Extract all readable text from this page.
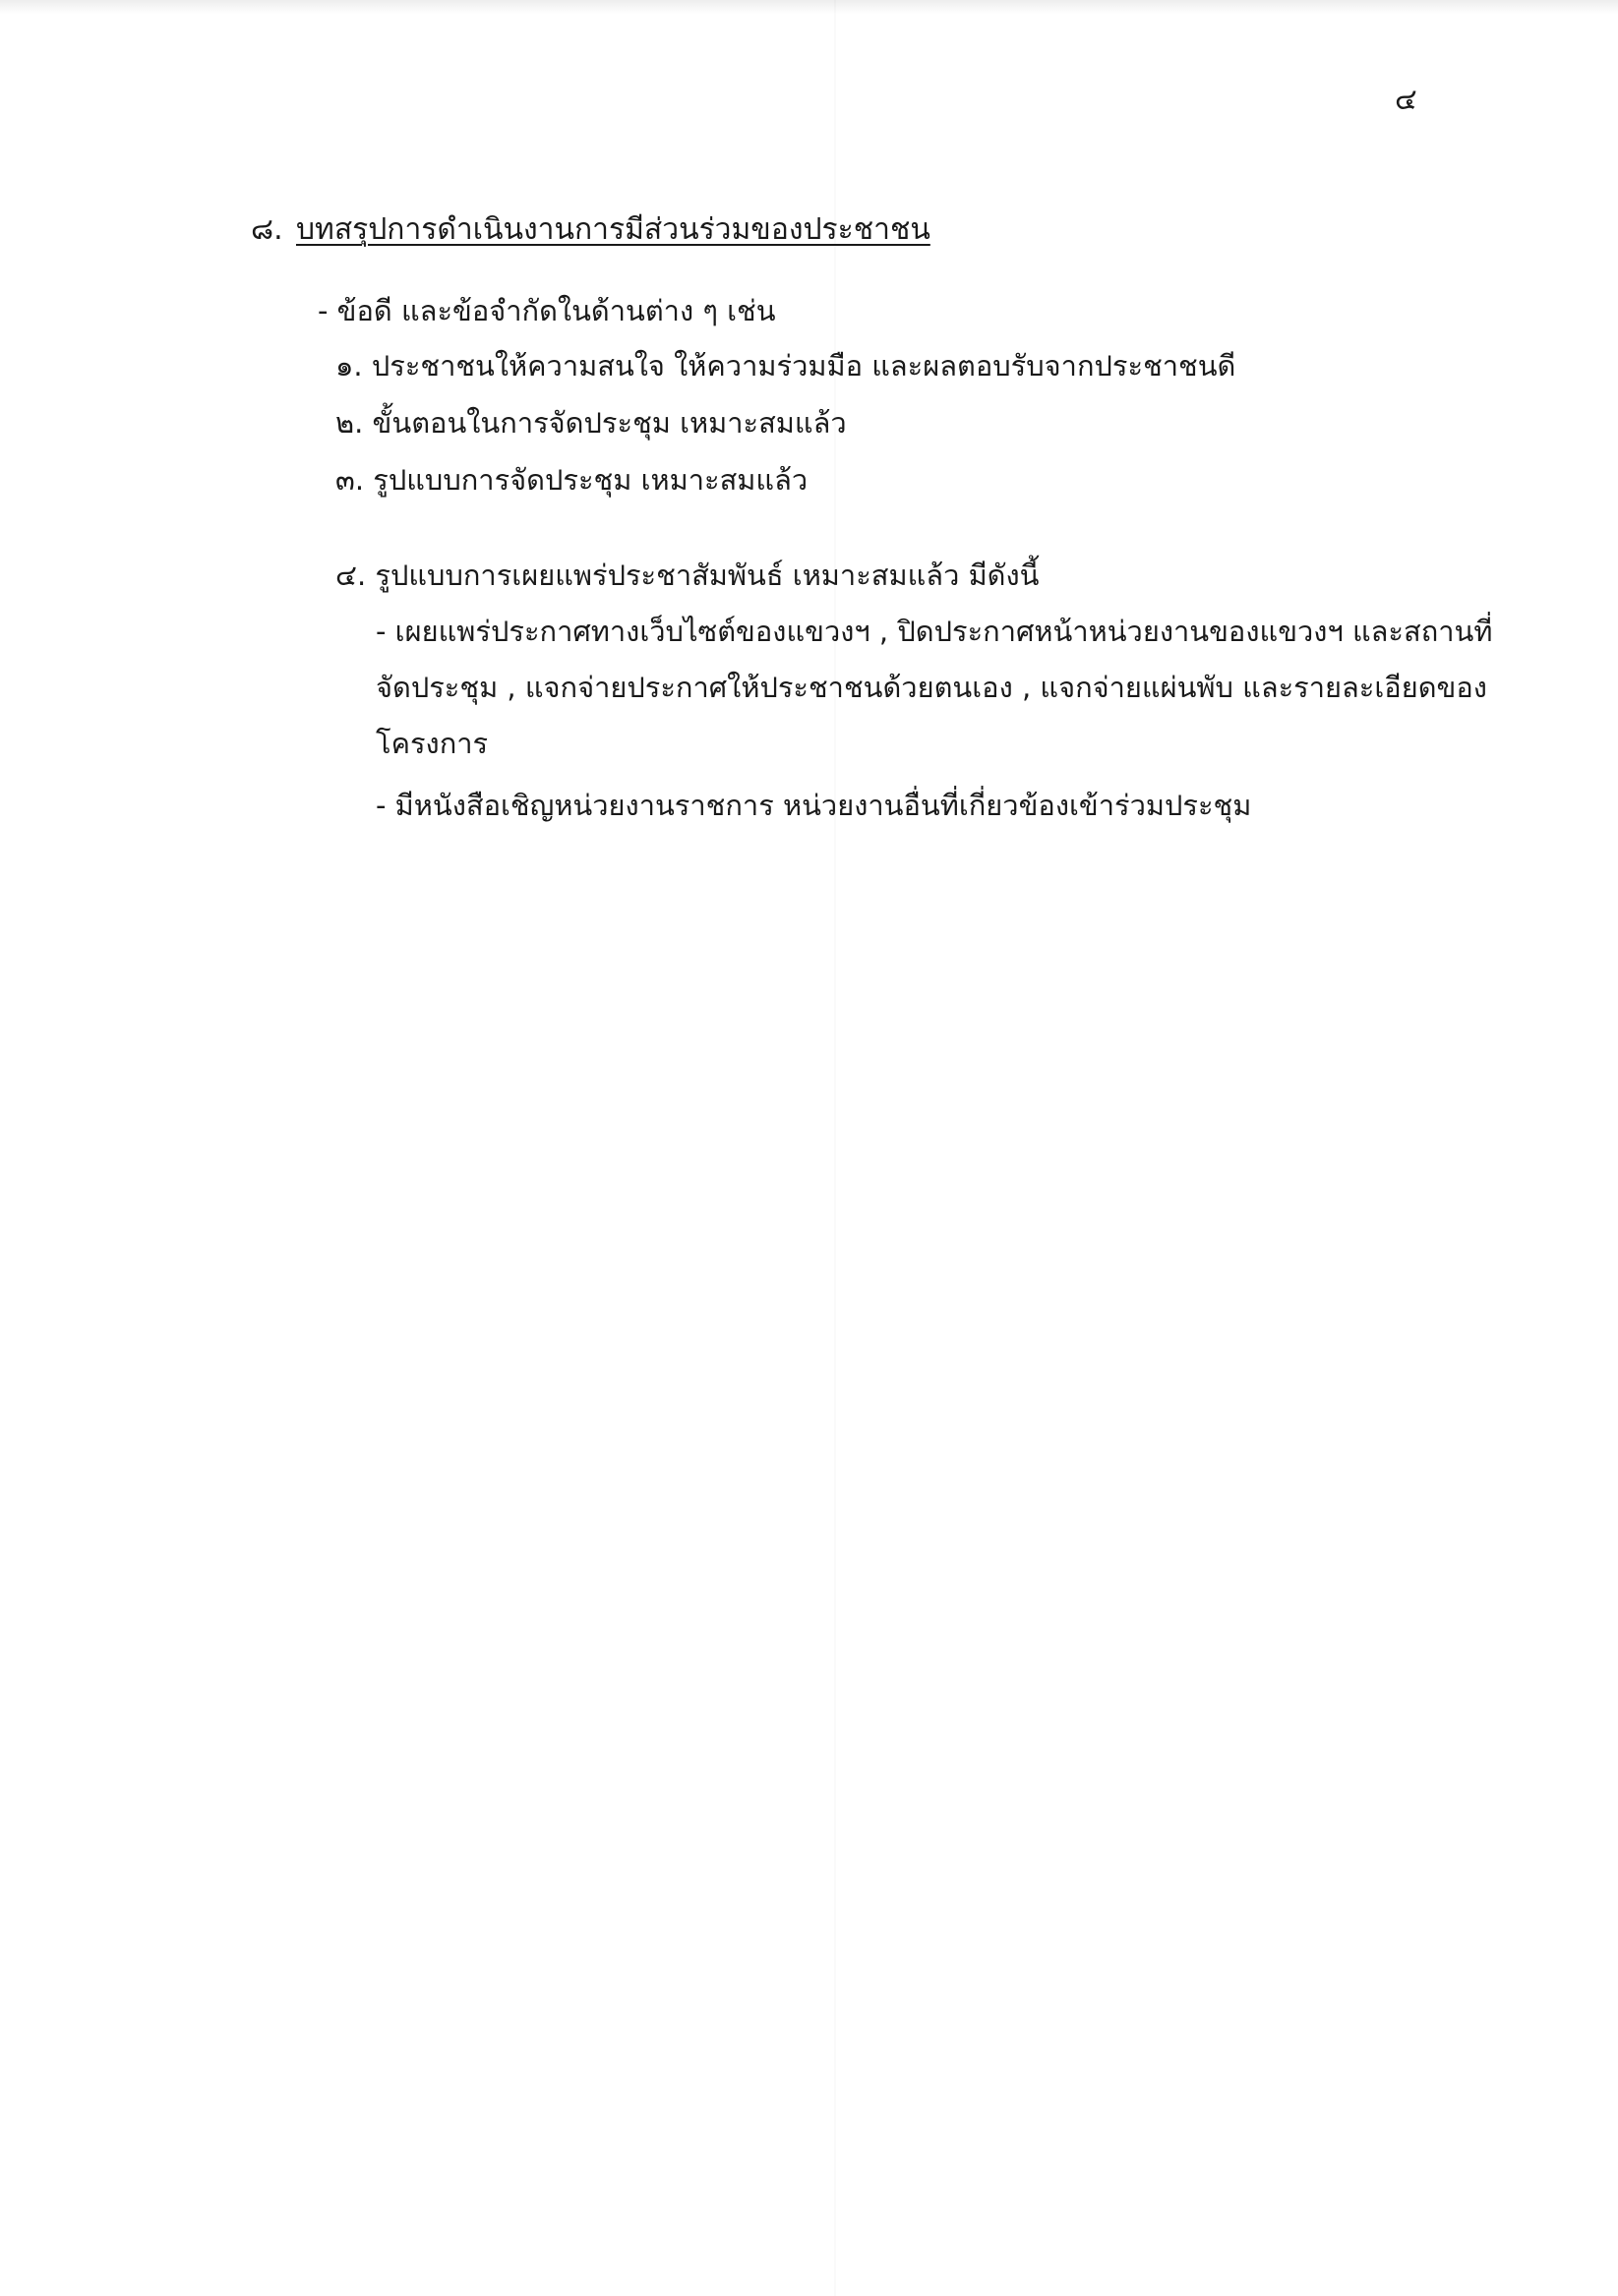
๔
๘. บทสรุปการดำเนินงานการมีส่วนร่วมของประชาชน
- ข้อดี และข้อจำกัดในด้านต่าง ๆ เช่น
๑. ประชาชนให้ความสนใจ ให้ความร่วมมือ และผลตอบรับจากประชาชนดี
๒. ขั้นตอนในการจัดประชุม เหมาะสมแล้ว
๓. รูปแบบการจัดประชุม เหมาะสมแล้ว
๔. รูปแบบการเผยแพร่ประชาสัมพันธ์ เหมาะสมแล้ว มีดังนี้
- เผยแพร่ประกาศทางเว็บไซต์ของแขวงฯ , ปิดประกาศหน้าหน่วยงานของแขวงฯ และสถานที่
จัดประชุม , แจกจ่ายประกาศให้ประชาชนด้วยตนเอง , แจกจ่ายแผ่นพับ และรายละเอียดของ
โครงการ
- มีหนังสือเชิญหน่วยงานราชการ หน่วยงานอื่นที่เกี่ยวข้องเข้าร่วมประชุม
